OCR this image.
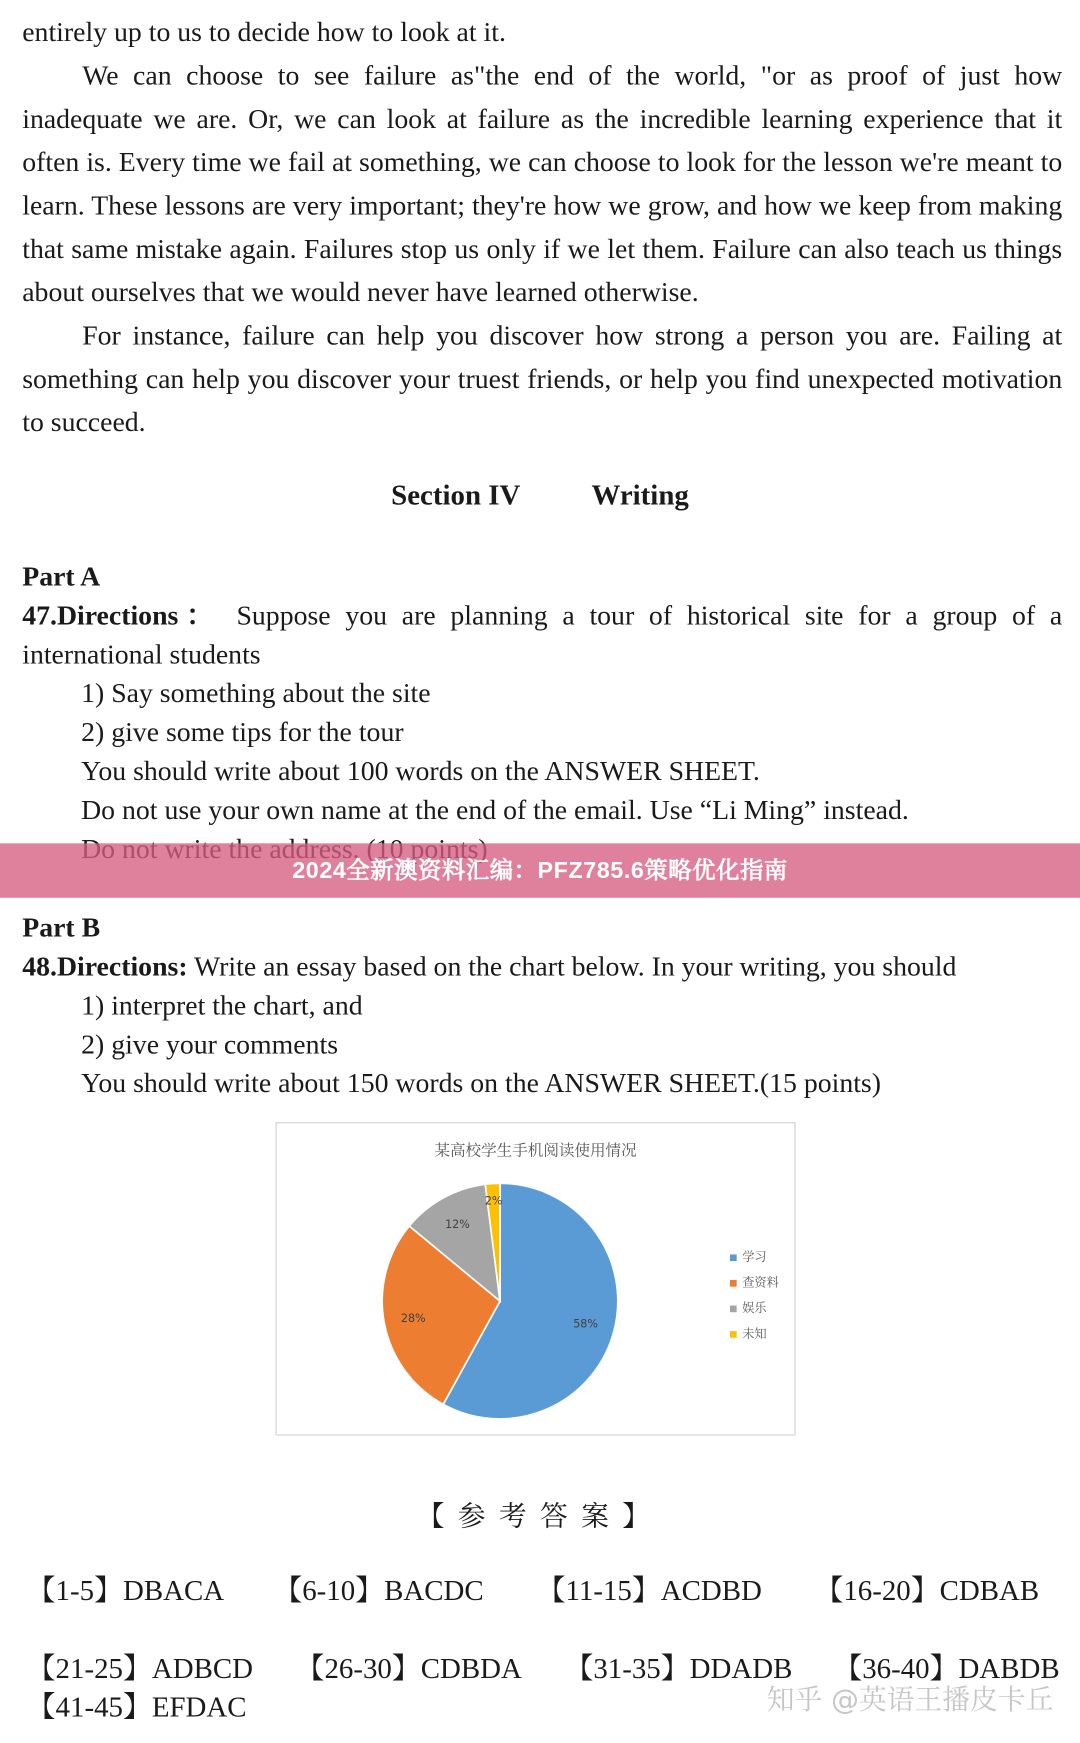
entirely up to us to decide how to look at it.

We can choose to see failure as"the end of the world, "or as proof of just how inadequate we are. Or, we can look at failure as the incredible learning experience that it often is. Every time we fail at something, we can choose to look for the lesson we're meant to learn. These lessons are very important; they're how we grow, and how we keep from making that same mistake again. Failures stop us only if we let them. Failure can also teach us things about ourselves that we would never have learned otherwise.

For instance, failure can help you discover how strong a person you are. Failing at something can help you discover your truest friends, or help you find unexpected motivation to succeed.

Section IV	Writing
Part A
47.Directions： Suppose you are planning a tour of historical site for a group of a international students
1) Say something about the site
2) give some tips for the tour
You should write about 100 words on the ANSWER SHEET.
Do not use your own name at the end of the email. Use “Li Ming” instead.
2024全新澳资料汇编：PFZ785.6策略优化指南
Part B
48.Directions: Write an essay based on the chart below. In your writing, you should
1) interpret the chart, and
2) give your comments
You should write about 150 words on the ANSWER SHEET.(15 points)
某高校学生手机阅读使用情况
58%
28%
12%
2%
学习
查资料
娱乐
未知
【参考答案】
【1-5】DBACA 【6-10】BACDC 【11-15】ACDBD 【16-20】CDBAB
【21-25】ADBCD 【26-30】CDBDA 【31-35】DDADB 【36-40】DABDB
【41-45】EFDAC	知乎 @英语王播皮卡丘
